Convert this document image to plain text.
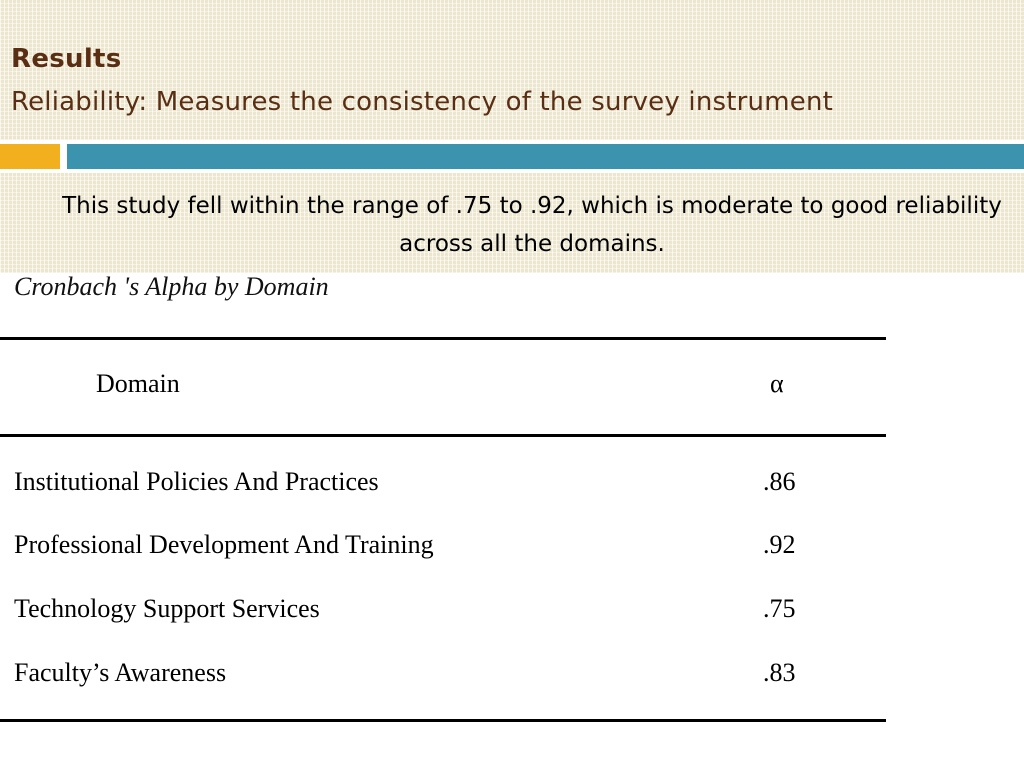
Results
Reliability: Measures the consistency of the survey instrument
This study fell within the range of .75 to .92, which is moderate to good reliability across all the domains.
Cronbach 's Alpha by Domain
Domain	α
Institutional Policies And Practices	.86
Professional Development And Training	.92
Technology Support Services	.75
Faculty’s Awareness	.83
